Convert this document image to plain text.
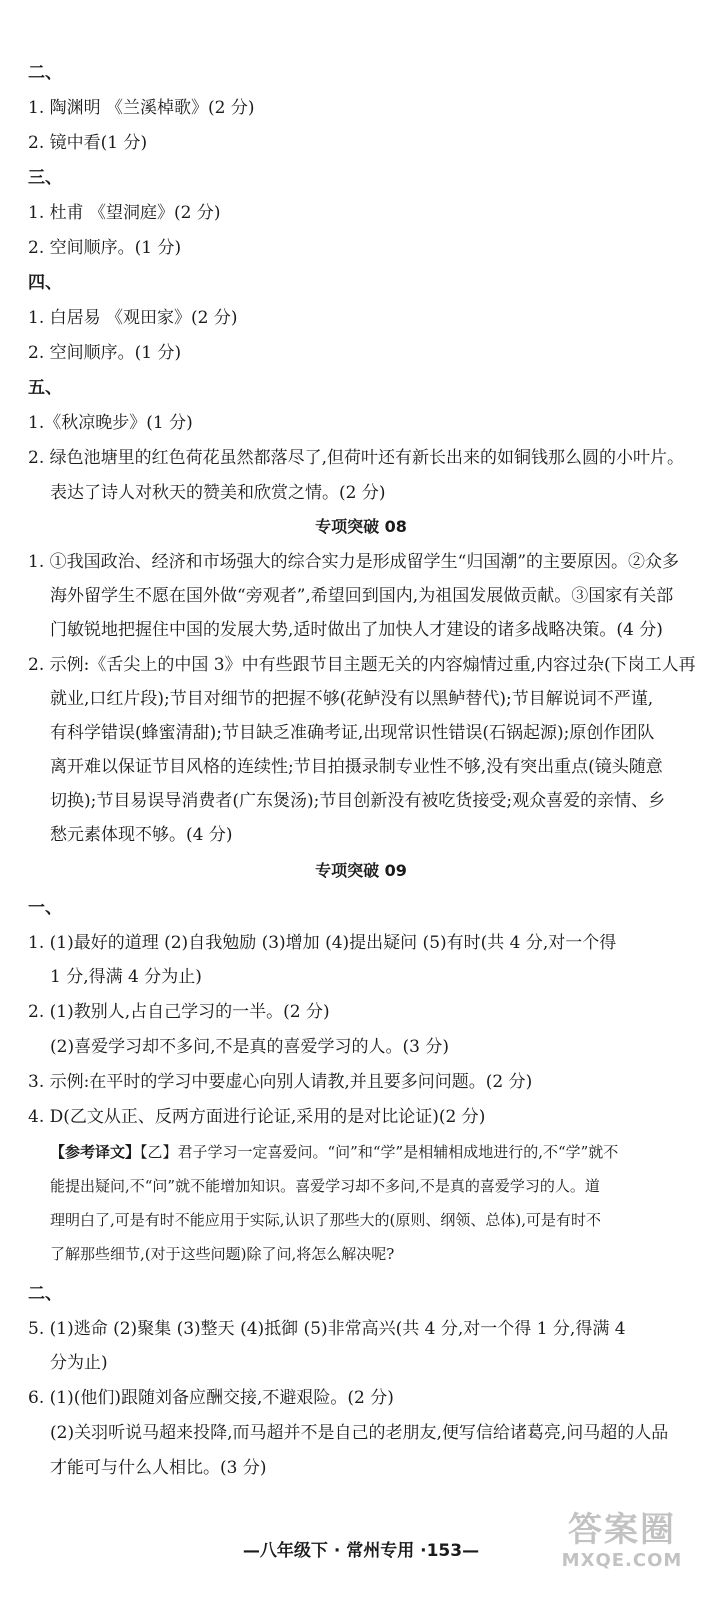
二、
1. 陶渊明 《兰溪棹歌》(2 分)
2. 镜中看(1 分)
三、
1. 杜甫 《望洞庭》(2 分)
2. 空间顺序。(1 分)
四、
1. 白居易 《观田家》(2 分)
2. 空间顺序。(1 分)
五、
1.《秋凉晚步》(1 分)
2. 绿色池塘里的红色荷花虽然都落尽了,但荷叶还有新长出来的如铜钱那么圆的小叶片。
表达了诗人对秋天的赞美和欣赏之情。(2 分)
专项突破 08
1. ①我国政治、经济和市场强大的综合实力是形成留学生“归国潮”的主要原因。②众多
海外留学生不愿在国外做“旁观者”,希望回到国内,为祖国发展做贡献。③国家有关部
门敏锐地把握住中国的发展大势,适时做出了加快人才建设的诸多战略决策。(4 分)
2. 示例:《舌尖上的中国 3》中有些跟节目主题无关的内容煽情过重,内容过杂(下岗工人再
就业,口红片段);节目对细节的把握不够(花鲈没有以黑鲈替代);节目解说词不严谨,
有科学错误(蜂蜜清甜);节目缺乏准确考证,出现常识性错误(石锅起源);原创作团队
离开难以保证节目风格的连续性;节目拍摄录制专业性不够,没有突出重点(镜头随意
切换);节目易误导消费者(广东煲汤);节目创新没有被吃货接受;观众喜爱的亲情、乡
愁元素体现不够。(4 分)
专项突破 09
一、
1. (1)最好的道理 (2)自我勉励 (3)增加 (4)提出疑问 (5)有时(共 4 分,对一个得
1 分,得满 4 分为止)
2. (1)教别人,占自己学习的一半。(2 分)
(2)喜爱学习却不多问,不是真的喜爱学习的人。(3 分)
3. 示例:在平时的学习中要虚心向别人请教,并且要多问问题。(2 分)
4. D(乙文从正、反两方面进行论证,采用的是对比论证)(2 分)
【参考译文】【乙】君子学习一定喜爱问。“问”和“学”是相辅相成地进行的,不“学”就不
能提出疑问,不“问”就不能增加知识。喜爱学习却不多问,不是真的喜爱学习的人。道
理明白了,可是有时不能应用于实际,认识了那些大的(原则、纲领、总体),可是有时不
了解那些细节,(对于这些问题)除了问,将怎么解决呢?
二、
5. (1)逃命 (2)聚集 (3)整天 (4)抵御 (5)非常高兴(共 4 分,对一个得 1 分,得满 4
分为止)
6. (1)(他们)跟随刘备应酬交接,不避艰险。(2 分)
(2)关羽听说马超来投降,而马超并不是自己的老朋友,便写信给诸葛亮,问马超的人品
才能可与什么人相比。(3 分)
—八年级下 · 常州专用 ·153—
答案圈
MXQE.COM
